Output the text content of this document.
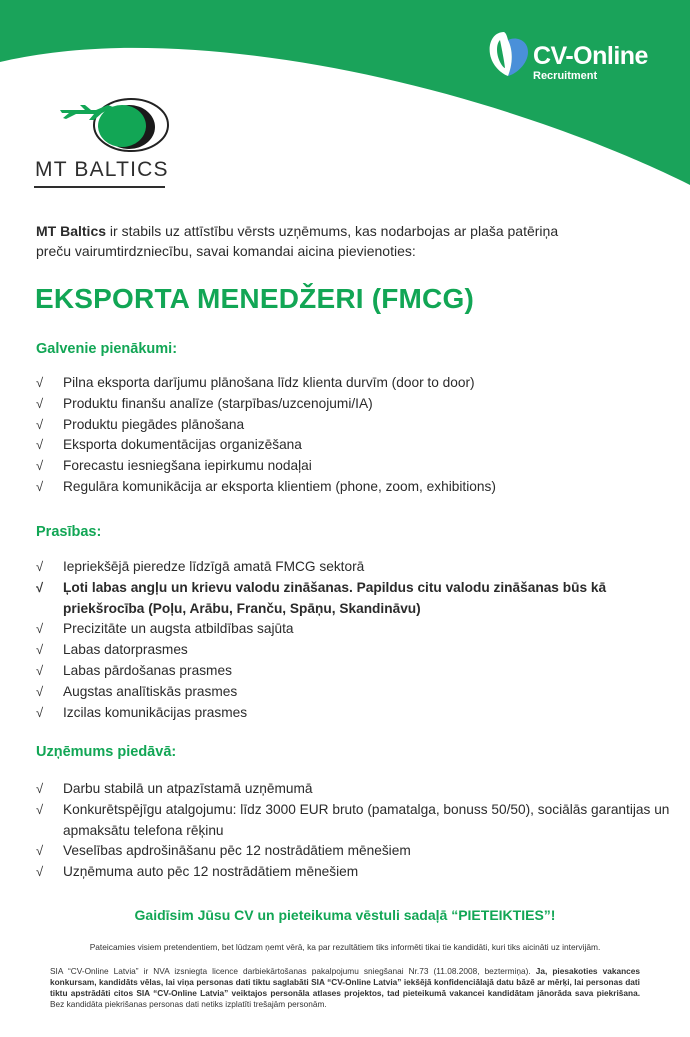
CV-Online
Recruitment
MT BALTICS
MT Baltics ir stabils uz attīstību vērsts uzņēmums, kas nodarbojas ar plaša patēriņa preču vairumtirdzniecību, savai komandai aicina pievienoties:
EKSPORTA MENEDŽERI (FMCG)
Galvenie pienākumi:
√ Pilna eksporta darījumu plānošana līdz klienta durvīm (door to door)
√ Produktu finanšu analīze (starpības/uzcenojumi/IA)
√ Produktu piegādes plānošana
√ Eksporta dokumentācijas organizēšana
√ Forecastu iesniegšana iepirkumu nodaļai
√ Regulāra komunikācija ar eksporta klientiem (phone, zoom, exhibitions)
Prasības:
√ Iepriekšējā pieredze līdzīgā amatā FMCG sektorā
√ Ļoti labas angļu un krievu valodu zināšanas. Papildus citu valodu zināšanas būs kā priekšrocība (Poļu, Arābu, Franču, Spāņu, Skandināvu)
√ Precizitāte un augsta atbildības sajūta
√ Labas datorprasmes
√ Labas pārdošanas prasmes
√ Augstas analītiskās prasmes
√ Izcilas komunikācijas prasmes
Uzņēmums piedāvā:
√ Darbu stabilā un atpazīstamā uzņēmumā
√ Konkurētspējīgu atalgojumu: līdz 3000 EUR bruto (pamatalga, bonuss 50/50), sociālās garantijas un apmaksātu telefona rēķinu
√ Veselības apdrošināšanu pēc 12 nostrādātiem mēnešiem
√ Uzņēmuma auto pēc 12 nostrādātiem mēnešiem
Gaidīsim Jūsu CV un pieteikuma vēstuli sadaļā “PIETEIKTIES”!
Pateicamies visiem pretendentiem, bet lūdzam ņemt vērā, ka par rezultātiem tiks informēti tikai tie kandidāti, kuri tiks aicināti uz intervijām.
SIA “CV-Online Latvia” ir NVA izsniegta licence darbiekārtošanas pakalpojumu sniegšanai Nr.73 (11.08.2008, beztermiņa). Ja, piesakoties vakances konkursam, kandidāts vēlas, lai viņa personas dati tiktu saglabāti SIA “CV-Online Latvia” iekšējā konfidenciālajā datu bāzē ar mērķi, lai personas dati tiktu apstrādāti citos SIA “CV-Online Latvia” veiktajos personāla atlases projektos, tad pieteikumā vakancei kandidātam jānorāda sava piekrišana. Bez kandidāta piekrišanas personas dati netiks izplatīti trešajām personām.
